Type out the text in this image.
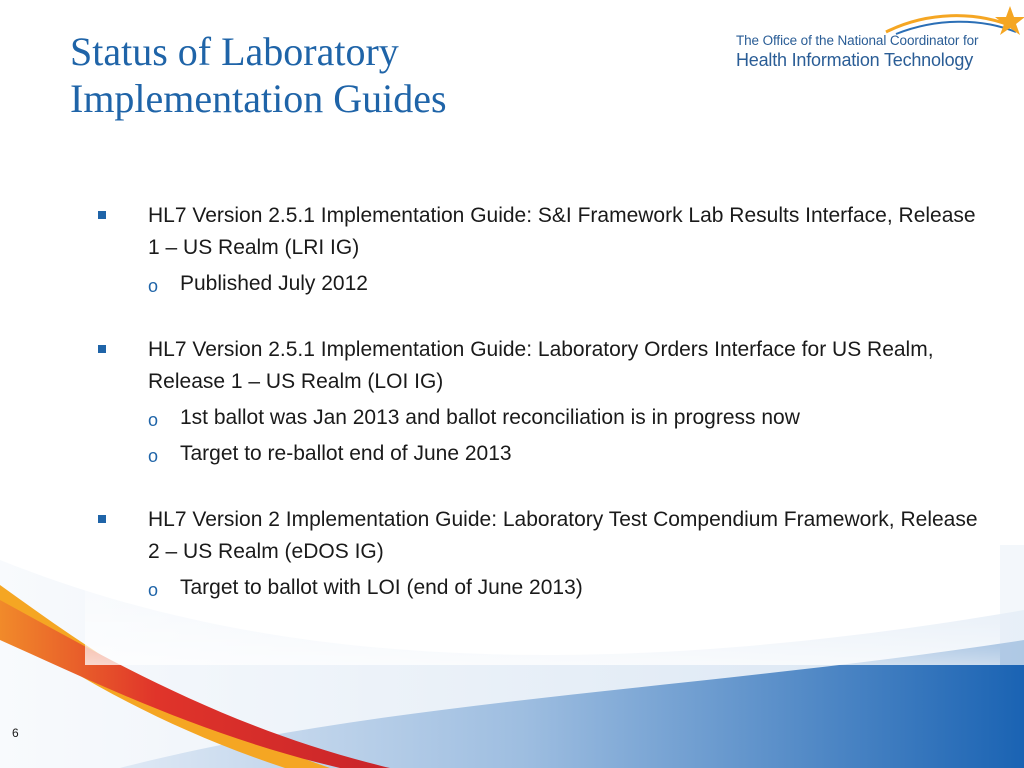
Status of Laboratory
Implementation Guides
The Office of the National Coordinator for
Health Information Technology
HL7 Version 2.5.1 Implementation Guide: S&I Framework Lab Results Interface, Release 1 – US Realm (LRI IG)
o Published July 2012
HL7 Version 2.5.1 Implementation Guide: Laboratory Orders Interface for US Realm, Release 1 – US Realm (LOI IG)
o 1st ballot was Jan 2013 and ballot reconciliation is in progress now
o Target to re-ballot end of June 2013
HL7 Version 2 Implementation Guide: Laboratory Test Compendium Framework, Release 2 – US Realm (eDOS IG)
o Target to ballot with LOI (end of June 2013)
6
